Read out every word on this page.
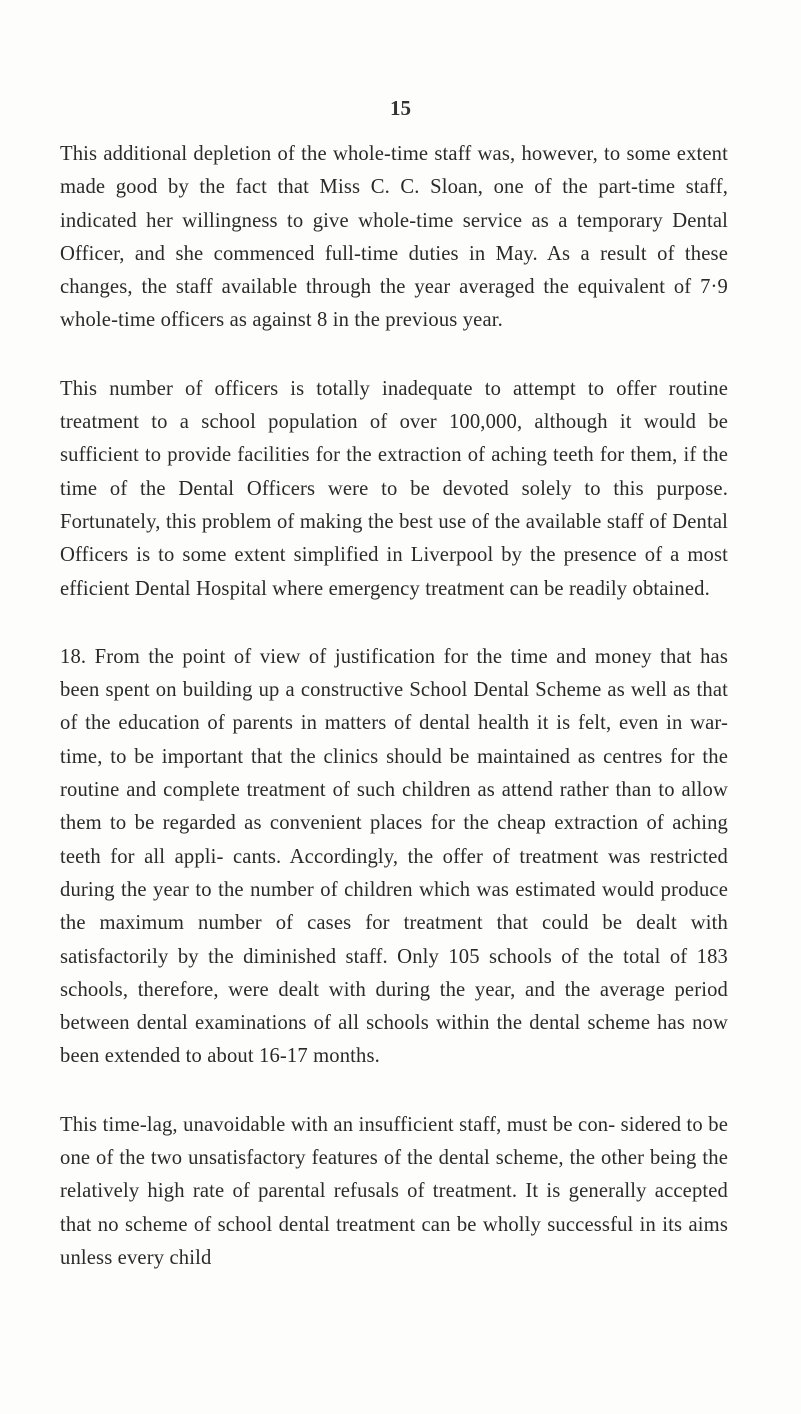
15

This additional depletion of the whole-time staff was, however, to some extent made good by the fact that Miss C. C. Sloan, one of the part-time staff, indicated her willingness to give whole-time service as a temporary Dental Officer, and she commenced full-time duties in May. As a result of these changes, the staff available through the year averaged the equivalent of 7·9 whole-time officers as against 8 in the previous year.

This number of officers is totally inadequate to attempt to offer routine treatment to a school population of over 100,000, although it would be sufficient to provide facilities for the extraction of aching teeth for them, if the time of the Dental Officers were to be devoted solely to this purpose. Fortunately, this problem of making the best use of the available staff of Dental Officers is to some extent simplified in Liverpool by the presence of a most efficient Dental Hospital where emergency treatment can be readily obtained.

18. From the point of view of justification for the time and money that has been spent on building up a constructive School Dental Scheme as well as that of the education of parents in matters of dental health it is felt, even in war-time, to be important that the clinics should be maintained as centres for the routine and complete treatment of such children as attend rather than to allow them to be regarded as convenient places for the cheap extraction of aching teeth for all appli- cants. Accordingly, the offer of treatment was restricted during the year to the number of children which was estimated would produce the maximum number of cases for treatment that could be dealt with satisfactorily by the diminished staff. Only 105 schools of the total of 183 schools, therefore, were dealt with during the year, and the average period between dental examinations of all schools within the dental scheme has now been extended to about 16-17 months.

This time-lag, unavoidable with an insufficient staff, must be con- sidered to be one of the two unsatisfactory features of the dental scheme, the other being the relatively high rate of parental refusals of treatment. It is generally accepted that no scheme of school dental treatment can be wholly successful in its aims unless every child
